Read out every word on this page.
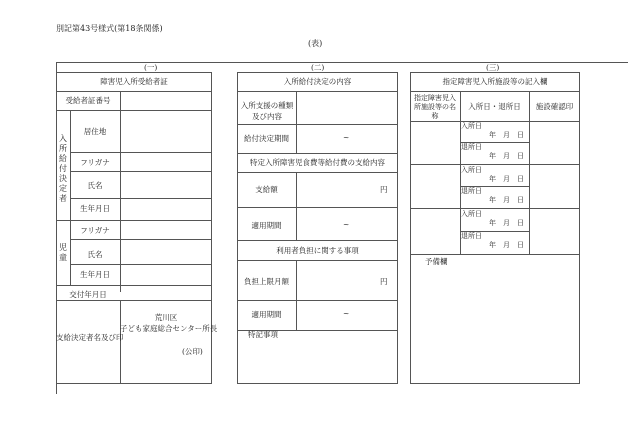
別記第43号様式(第18条関係)
(表)
(一)	(二)	(三)
障害児入所受給者証
受給者証番号
入所給付決定者
居住地
フリガナ
氏名
生年月日
児童
フリガナ
氏名
生年月日
交付年月日
支給決定者名及び印
荒川区
子ども家庭総合センター所長
(公印)
入所給付決定の内容
入所支援の種類及び内容
給付決定期間	~
特定入所障害児食費等給付費の支給内容
支給額	円
適用期間	~
利用者負担に関する事項
負担上限月額	円
適用期間	~
特記事項
指定障害児入所施設等の記入欄
指定障害児入所施設等の名称
入所日・退所日	施設確認印
入所日
年　月　日
退所日
年　月　日
入所日
年　月　日
退所日
年　月　日
入所日
年　月　日
退所日
年　月　日
予備欄
